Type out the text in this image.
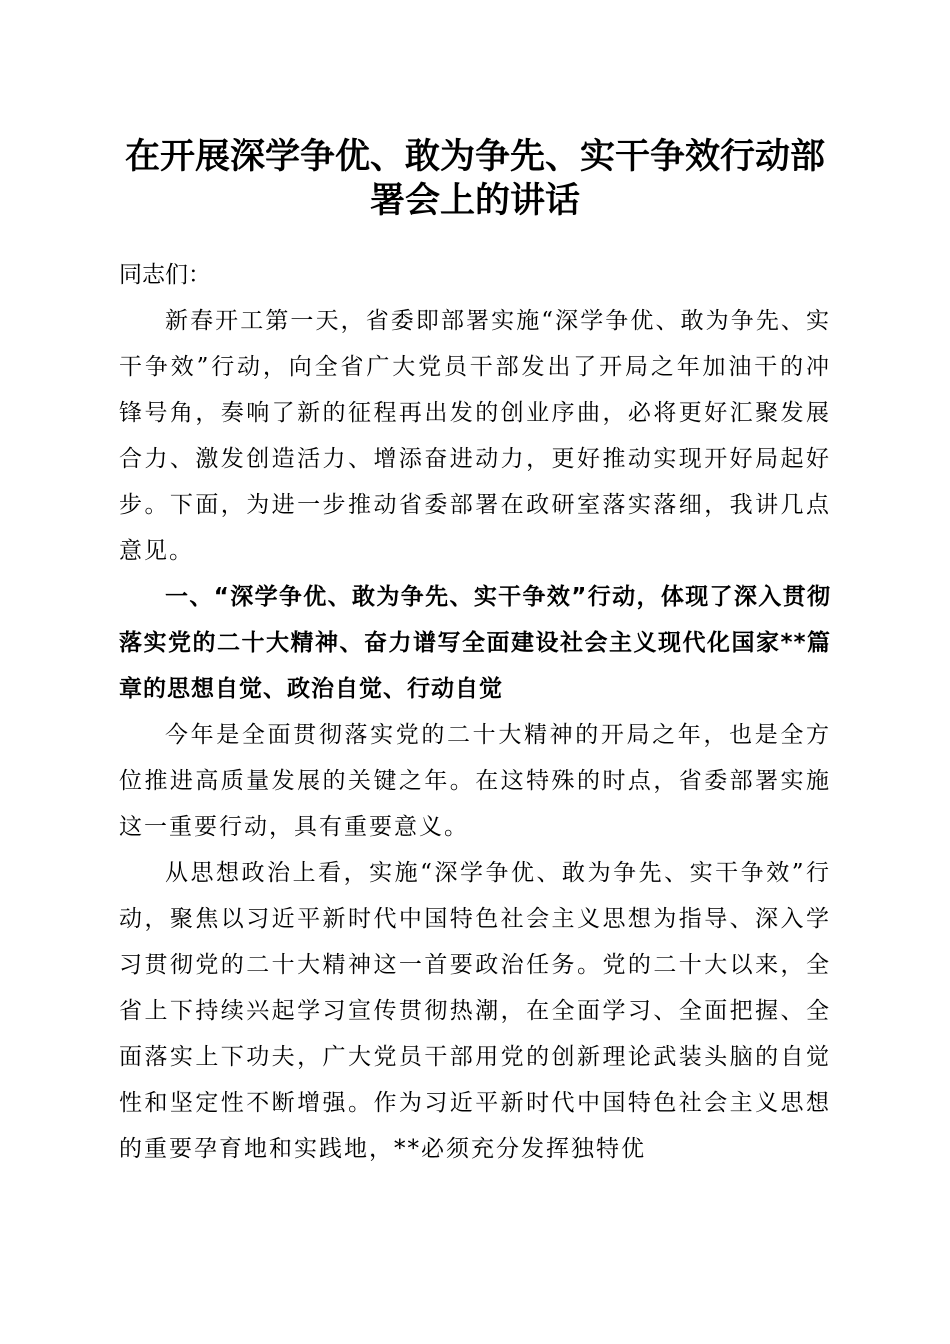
在开展深学争优、敢为争先、实干争效行动部
署会上的讲话

同志们：

新春开工第一天，省委即部署实施“深学争优、敢为争先、实干争效”行动，向全省广大党员干部发出了开局之年加油干的冲锋号角，奏响了新的征程再出发的创业序曲，必将更好汇聚发展合力、激发创造活力、增添奋进动力，更好推动实现开好局起好步。下面，为进一步推动省委部署在政研室落实落细，我讲几点意见。

一、“深学争优、敢为争先、实干争效”行动，体现了深入贯彻落实党的二十大精神、奋力谱写全面建设社会主义现代化国家**篇章的思想自觉、政治自觉、行动自觉

今年是全面贯彻落实党的二十大精神的开局之年，也是全方位推进高质量发展的关键之年。在这特殊的时点，省委部署实施这一重要行动，具有重要意义。

从思想政治上看，实施“深学争优、敢为争先、实干争效”行动，聚焦以习近平新时代中国特色社会主义思想为指导、深入学习贯彻党的二十大精神这一首要政治任务。党的二十大以来，全省上下持续兴起学习宣传贯彻热潮，在全面学习、全面把握、全面落实上下功夫，广大党员干部用党的创新理论武装头脑的自觉性和坚定性不断增强。作为习近平新时代中国特色社会主义思想的重要孕育地和实践地，**必须充分发挥独特优
